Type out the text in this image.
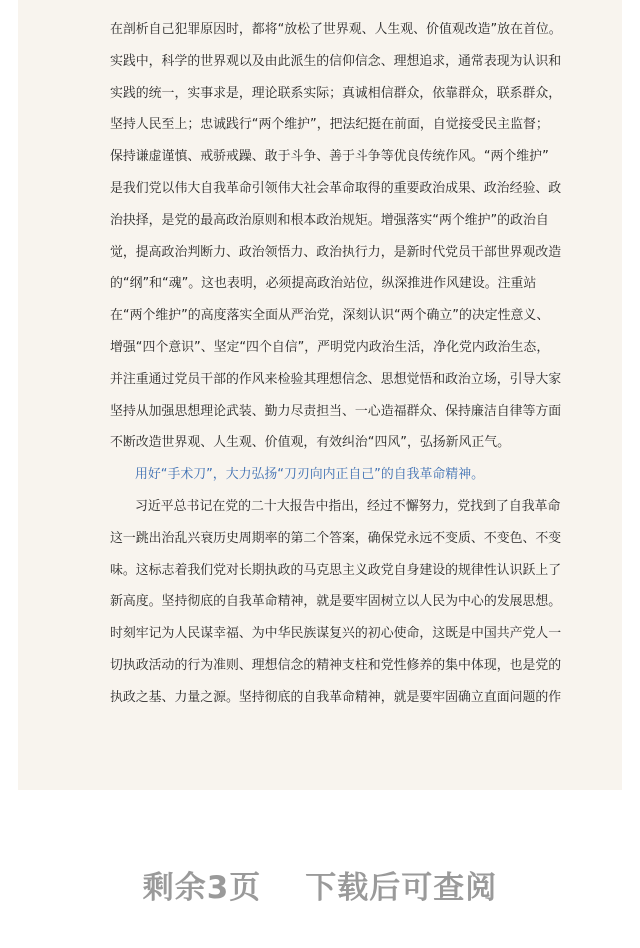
在剖析自己犯罪原因时，都将“放松了世界观、人生观、价值观改造”放在首位。
实践中，科学的世界观以及由此派生的信仰信念、理想追求，通常表现为认识和
实践的统一，实事求是，理论联系实际；真诚相信群众，依靠群众，联系群众，
坚持人民至上；忠诚践行“两个维护”，把法纪挺在前面，自觉接受民主监督；
保持谦虚谨慎、戒骄戒躁、敢于斗争、善于斗争等优良传统作风。“两个维护”
是我们党以伟大自我革命引领伟大社会革命取得的重要政治成果、政治经验、政
治抉择，是党的最高政治原则和根本政治规矩。增强落实“两个维护”的政治自
觉，提高政治判断力、政治领悟力、政治执行力，是新时代党员干部世界观改造
的“纲”和“魂”。这也表明，必须提高政治站位，纵深推进作风建设。注重站
在“两个维护”的高度落实全面从严治党，深刻认识“两个确立”的决定性意义、
增强“四个意识”、坚定“四个自信”，严明党内政治生活，净化党内政治生态，
并注重通过党员干部的作风来检验其理想信念、思想觉悟和政治立场，引导大家
坚持从加强思想理论武装、勤力尽责担当、一心造福群众、保持廉洁自律等方面
不断改造世界观、人生观、价值观，有效纠治“四风”，弘扬新风正气。
用好“手术刀”，大力弘扬“刀刃向内正自己”的自我革命精神。
习近平总书记在党的二十大报告中指出，经过不懈努力，党找到了自我革命
这一跳出治乱兴衰历史周期率的第二个答案，确保党永远不变质、不变色、不变
味。这标志着我们党对长期执政的马克思主义政党自身建设的规律性认识跃上了
新高度。坚持彻底的自我革命精神，就是要牢固树立以人民为中心的发展思想。
时刻牢记为人民谋幸福、为中华民族谋复兴的初心使命，这既是中国共产党人一
切执政活动的行为准则、理想信念的精神支柱和党性修养的集中体现，也是党的
执政之基、力量之源。坚持彻底的自我革命精神，就是要牢固确立直面问题的作
剩余3页 下载后可查阅
